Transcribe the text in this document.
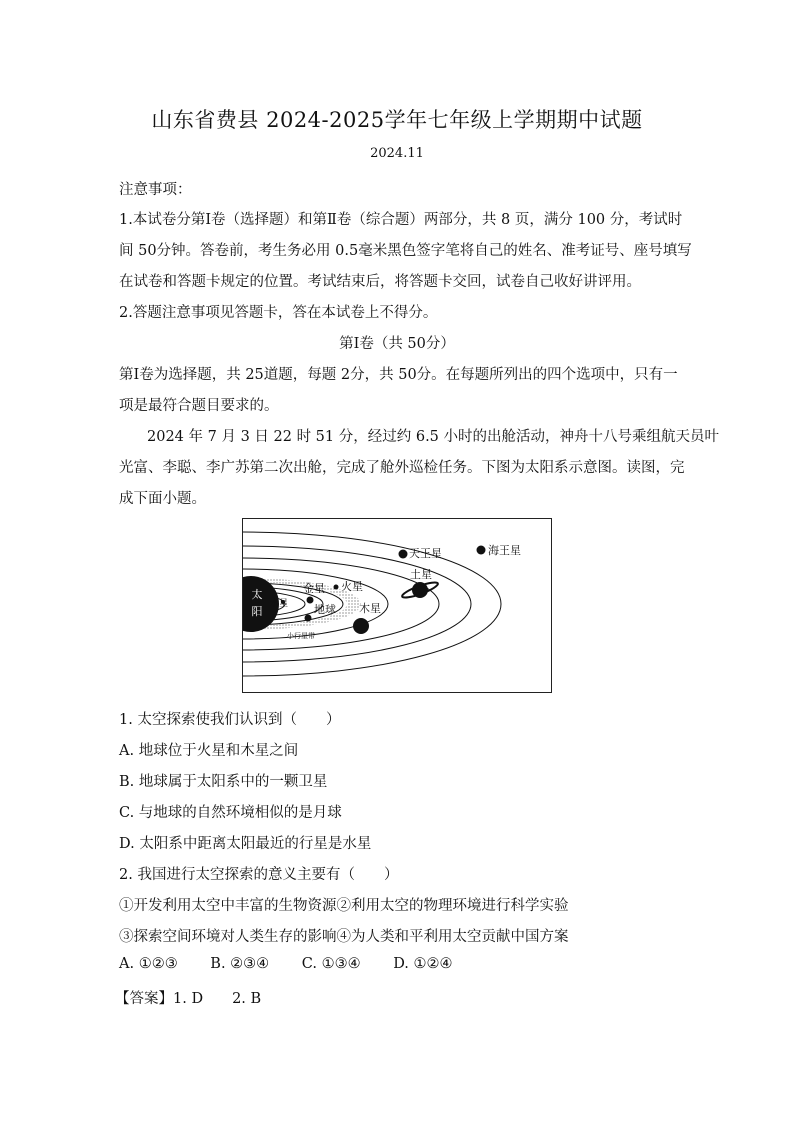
山东省费县 2024-2025学年七年级上学期期中试题
2024.11
注意事项：
1.本试卷分第Ⅰ卷（选择题）和第Ⅱ卷（综合题）两部分，共 8 页，满分 100 分，考试时
间 50分钟。答卷前，考生务必用 0.5毫米黑色签字笔将自己的姓名、准考证号、座号填写
在试卷和答题卡规定的位置。考试结束后，将答题卡交回，试卷自己收好讲评用。
2.答题注意事项见答题卡，答在本试卷上不得分。
第Ⅰ卷（共 50分）
第Ⅰ卷为选择题，共 25道题，每题 2分，共 50分。在每题所列出的四个选项中，只有一
项是最符合题目要求的。
2024 年 7 月 3 日 22 时 51 分，经过约 6.5 小时的出舱活动，神舟十八号乘组航天员叶
光富、李聪、李广苏第二次出舱，完成了舱外巡检任务。下图为太阳系示意图。读图，完
成下面小题。
太
阳
水星
金星 火星
地球
小行星带
木星
土星
天王星	海王星
1. 太空探索使我们认识到（　　）
A. 地球位于火星和木星之间
B. 地球属于太阳系中的一颗卫星
C. 与地球的自然环境相似的是月球
D. 太阳系中距离太阳最近的行星是水星
2. 我国进行太空探索的意义主要有（　　）
①开发利用太空中丰富的生物资源②利用太空的物理环境进行科学实验
③探索空间环境对人类生存的影响④为人类和平利用太空贡献中国方案
A. ①②③ B. ②③④ C. ①③④ D. ①②④
【答案】1. D　　2. B
